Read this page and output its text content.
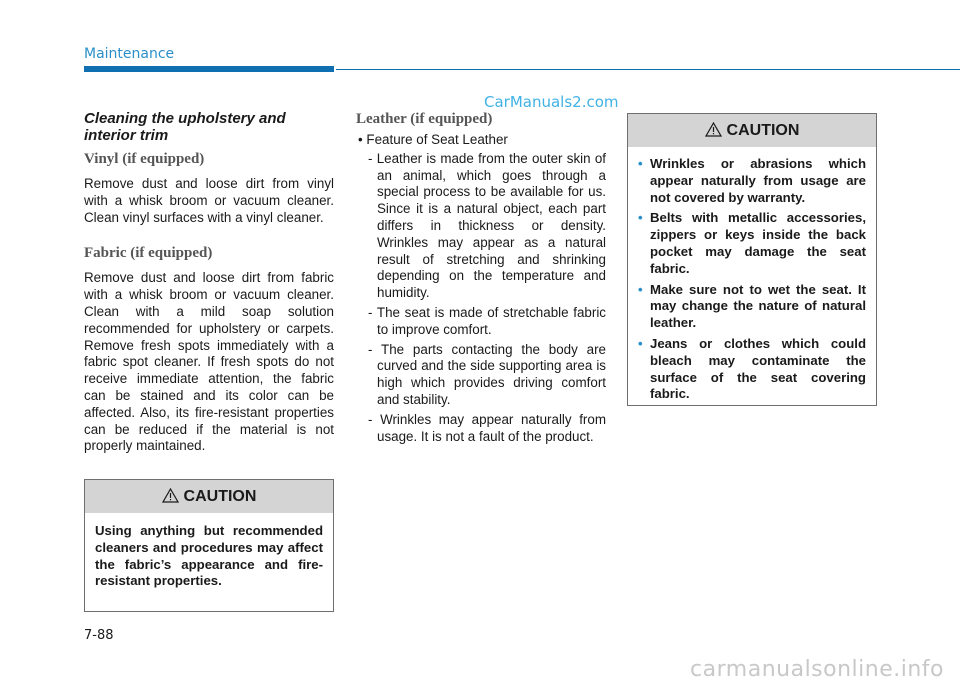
Maintenance
CarManuals2.com
Cleaning the upholstery and interior trim
Vinyl (if equipped)

Remove dust and loose dirt from vinyl with a whisk broom or vacuum cleaner. Clean vinyl surfaces with a vinyl cleaner.

Fabric (if equipped)

Remove dust and loose dirt from fabric with a whisk broom or vacuum cleaner. Clean with a mild soap solution recommended for upholstery or carpets. Remove fresh spots immediately with a fabric spot cleaner. If fresh spots do not receive immediate attention, the fabric can be stained and its color can be affected. Also, its fire-resistant properties can be reduced if the material is not properly maintained.

CAUTION

Using anything but recommended cleaners and procedures may affect the fabric’s appearance and fire-resistant properties.

Leather (if equipped)

• Feature of Seat Leather

- Leather is made from the outer skin of an animal, which goes through a special process to be available for us. Since it is a natural object, each part differs in thickness or density. Wrinkles may appear as a natural result of stretching and shrinking depending on the temperature and humidity.

- The seat is made of stretchable fabric to improve comfort.

- The parts contacting the body are curved and the side supporting area is high which provides driving comfort and stability.

- Wrinkles may appear naturally from usage. It is not a fault of the product.

CAUTION

• Wrinkles or abrasions which appear naturally from usage are not covered by warranty.

• Belts with metallic accessories, zippers or keys inside the back pocket may damage the seat fabric.

• Make sure not to wet the seat. It may change the nature of natural leather.

• Jeans or clothes which could bleach may contaminate the surface of the seat covering fabric.

7-88
carmanualsonline.info
